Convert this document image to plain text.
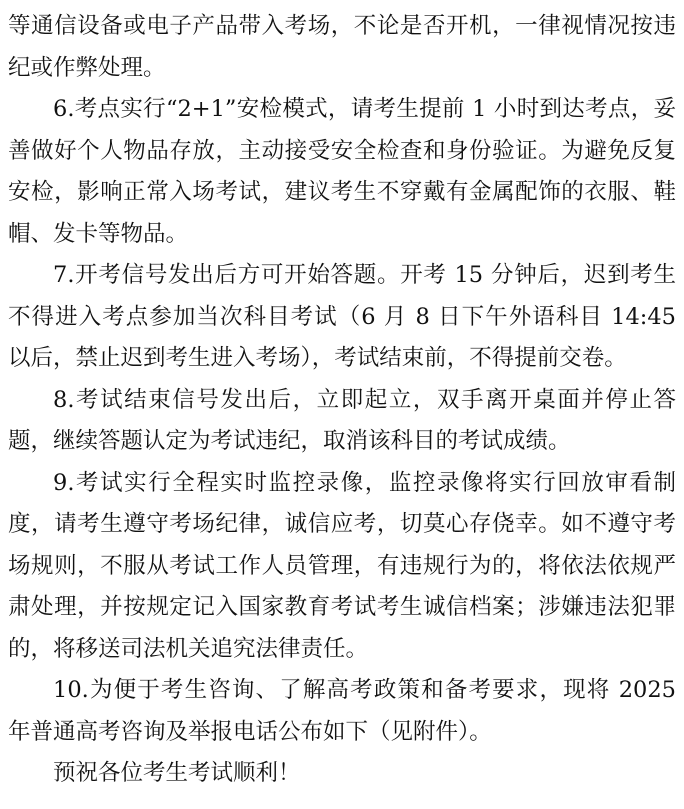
等通信设备或电子产品带入考场，不论是否开机，一律视情况按违纪或作弊处理。

6.考点实行“2+1”安检模式，请考生提前 1 小时到达考点，妥善做好个人物品存放，主动接受安全检查和身份验证。为避免反复安检，影响正常入场考试，建议考生不穿戴有金属配饰的衣服、鞋帽、发卡等物品。

7.开考信号发出后方可开始答题。开考 15 分钟后，迟到考生不得进入考点参加当次科目考试（6 月 8 日下午外语科目 14:45 以后，禁止迟到考生进入考场），考试结束前，不得提前交卷。

8.考试结束信号发出后，立即起立，双手离开桌面并停止答题，继续答题认定为考试违纪，取消该科目的考试成绩。

9.考试实行全程实时监控录像，监控录像将实行回放审看制度，请考生遵守考场纪律，诚信应考，切莫心存侥幸。如不遵守考场规则，不服从考试工作人员管理，有违规行为的，将依法依规严肃处理，并按规定记入国家教育考试考生诚信档案；涉嫌违法犯罪的，将移送司法机关追究法律责任。

10.为便于考生咨询、了解高考政策和备考要求，现将 2025 年普通高考咨询及举报电话公布如下（见附件）。

预祝各位考生考试顺利！
